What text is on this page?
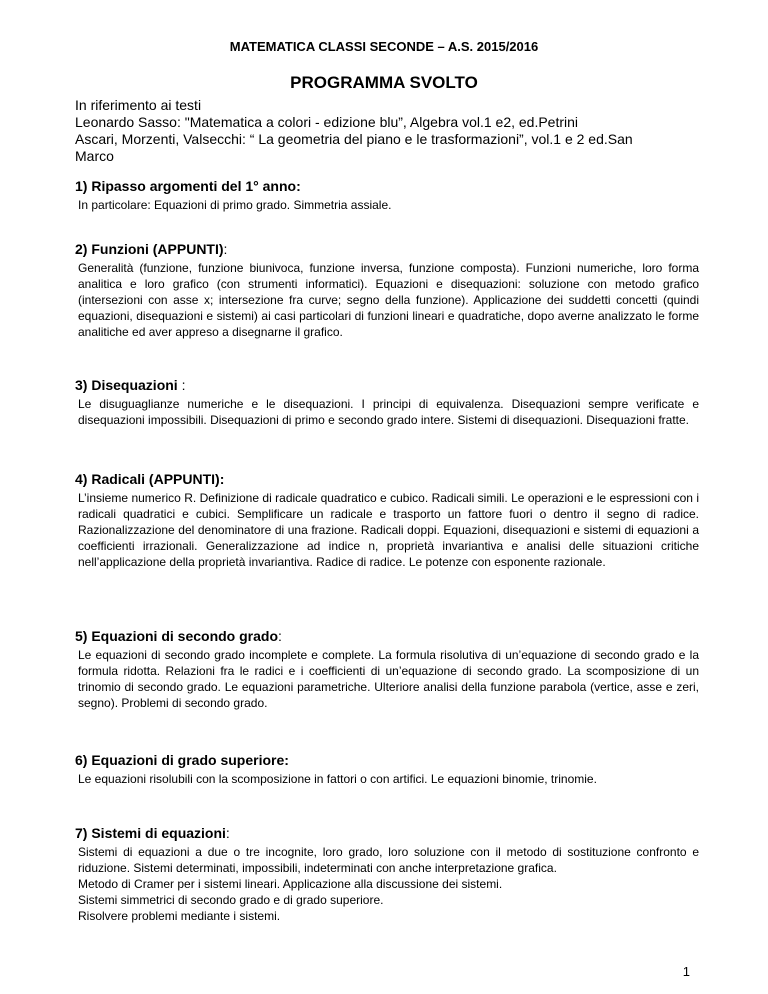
MATEMATICA CLASSI SECONDE – A.S. 2015/2016
PROGRAMMA SVOLTO
In riferimento ai testi
Leonardo Sasso: "Matematica a colori - edizione blu”, Algebra vol.1 e2, ed.Petrini
Ascari, Morzenti, Valsecchi: “ La geometria del piano e le trasformazioni”, vol.1 e 2 ed.San
Marco
1) Ripasso argomenti del 1° anno:

In particolare: Equazioni di primo grado. Simmetria assiale.

2) Funzioni (APPUNTI):

Generalità (funzione, funzione biunivoca, funzione inversa, funzione composta). Funzioni numeriche, loro forma analitica e loro grafico (con strumenti informatici). Equazioni e disequazioni: soluzione con metodo grafico (intersezioni con asse x; intersezione fra curve; segno della funzione). Applicazione dei suddetti concetti (quindi equazioni, disequazioni e sistemi) ai casi particolari di funzioni lineari e quadratiche, dopo averne analizzato le forme analitiche ed aver appreso a disegnarne il grafico.

3) Disequazioni :

Le disuguaglianze numeriche e le disequazioni. I principi di equivalenza. Disequazioni sempre verificate e disequazioni impossibili. Disequazioni di primo e secondo grado intere. Sistemi di disequazioni. Disequazioni fratte.

4) Radicali (APPUNTI):

L’insieme numerico R. Definizione di radicale quadratico e cubico. Radicali simili. Le operazioni e le espressioni con i radicali quadratici e cubici. Semplificare un radicale e trasporto un fattore fuori o dentro il segno di radice. Razionalizzazione del denominatore di una frazione. Radicali doppi. Equazioni, disequazioni e sistemi di equazioni a coefficienti irrazionali. Generalizzazione ad indice n, proprietà invariantiva e analisi delle situazioni critiche nell’applicazione della proprietà invariantiva. Radice di radice. Le potenze con esponente razionale.

5) Equazioni di secondo grado:

Le equazioni di secondo grado incomplete e complete. La formula risolutiva di un’equazione di secondo grado e la formula ridotta. Relazioni fra le radici e i coefficienti di un’equazione di secondo grado. La scomposizione di un trinomio di secondo grado. Le equazioni parametriche. Ulteriore analisi della funzione parabola (vertice, asse e zeri, segno). Problemi di secondo grado.

6) Equazioni di grado superiore:

Le equazioni risolubili con la scomposizione in fattori o con artifici. Le equazioni binomie, trinomie.

7) Sistemi di equazioni:

Sistemi di equazioni a due o tre incognite, loro grado, loro soluzione con il metodo di sostituzione confronto e riduzione. Sistemi determinati, impossibili, indeterminati con anche interpretazione grafica.

Metodo di Cramer per i sistemi lineari. Applicazione alla discussione dei sistemi.

Sistemi simmetrici di secondo grado e di grado superiore.

Risolvere problemi mediante i sistemi.

1
